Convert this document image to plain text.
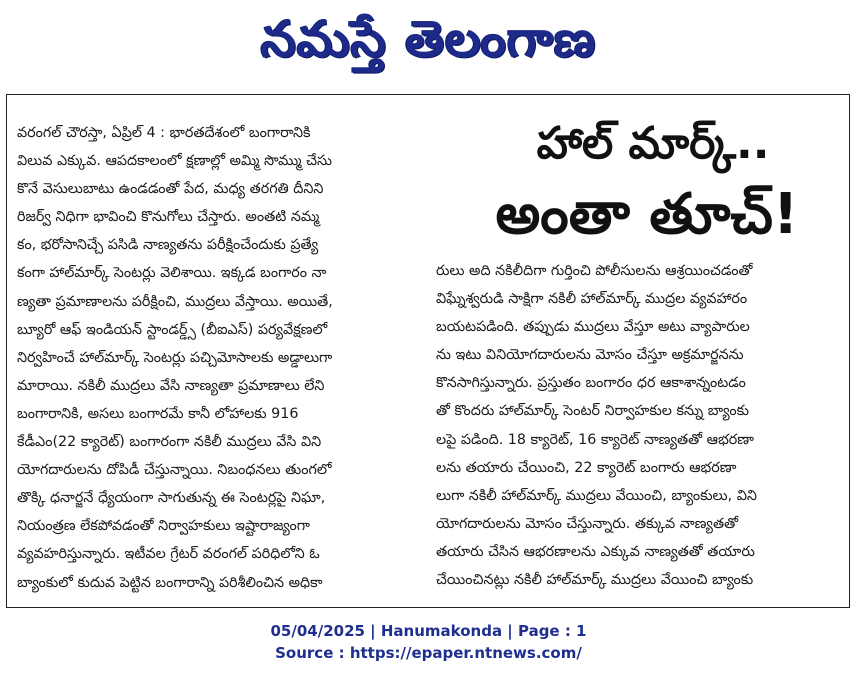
నమస్తే తెలంగాణ
వరంగల్ చౌరస్తా, ఏప్రిల్ 4 : భారతదేశంలో బంగారానికి
విలువ ఎక్కువ. ఆపదకాలంలో క్షణాల్లో అమ్మి సొమ్ము చేసు
కొనే వెసులుబాటు ఉండడంతో పేద, మధ్య తరగతి దీనిని
రిజర్వ్ నిధిగా భావించి కొనుగోలు చేస్తారు. అంతటి నమ్మ
కం, భరోసానిచ్చే పసిడి నాణ్యతను పరీక్షించేందుకు ప్రత్యే
కంగా హాల్‌మార్క్ సెంటర్లు వెలిశాయి. ఇక్కడ బంగారం నా
ణ్యతా ప్రమాణాలను పరీక్షించి, ముద్రలు వేస్తాయి. అయితే,
బ్యూరో ఆఫ్ ఇండియన్ స్టాండర్డ్స్ (బీఐఎస్) పర్యవేక్షణలో
నిర్వహించే హాల్‌మార్క్ సెంటర్లు పచ్చిమోసాలకు అడ్డాలుగా
మారాయి. నకిలీ ముద్రలు వేసి నాణ్యతా ప్రమాణాలు లేని
బంగారానికి, అసలు బంగారమే కానీ లోహాలకు 916
కేడీఎం(22 క్యారెట్) బంగారంగా నకిలీ ముద్రలు వేసి విని
యోగదారులను దోపిడీ చేస్తున్నాయి. నిబంధనలు తుంగలో
తొక్కి ధనార్జనే ధ్యేయంగా సాగుతున్న ఈ సెంటర్లపై నిఘా,
నియంత్రణ లేకపోవడంతో నిర్వాహకులు ఇష్టారాజ్యంగా
వ్యవహరిస్తున్నారు. ఇటీవల గ్రేటర్ వరంగల్ పరిధిలోని ఓ
బ్యాంకులో కుదువ పెట్టిన బంగారాన్ని పరిశీలించిన అధికా
హాల్ మార్క్..
అంతా తూచ్!
రులు అది నకిలీదిగా గుర్తించి పోలీసులను ఆశ్రయించడంతో
విఘ్నేశ్వరుడి సాక్షిగా నకిలీ హాల్‌మార్క్ ముద్రల వ్యవహారం
బయటపడింది. తప్పుడు ముద్రలు వేస్తూ అటు వ్యాపారుల
ను ఇటు వినియోగదారులను మోసం చేస్తూ అక్రమార్జనను
కొనసాగిస్తున్నారు. ప్రస్తుతం బంగారం ధర ఆకాశాన్నంటడం
తో కొందరు హాల్‌మార్క్ సెంటర్ నిర్వాహకుల కన్ను బ్యాంకు
లపై పడింది. 18 క్యారెట్, 16 క్యారెట్ నాణ్యతతో ఆభరణా
లను తయారు చేయించి, 22 క్యారెట్ బంగారు ఆభరణా
లుగా నకిలీ హాల్‌మార్క్ ముద్రలు వేయించి, బ్యాంకులు, విని
యోగదారులను మోసం చేస్తున్నారు. తక్కువ నాణ్యతతో
తయారు చేసిన ఆభరణాలను ఎక్కువ నాణ్యతతో తయారు
చేయించినట్లు నకిలీ హాల్‌మార్క్ ముద్రలు వేయించి బ్యాంకు
05/04/2025 | Hanumakonda | Page : 1
Source : https://epaper.ntnews.com/
